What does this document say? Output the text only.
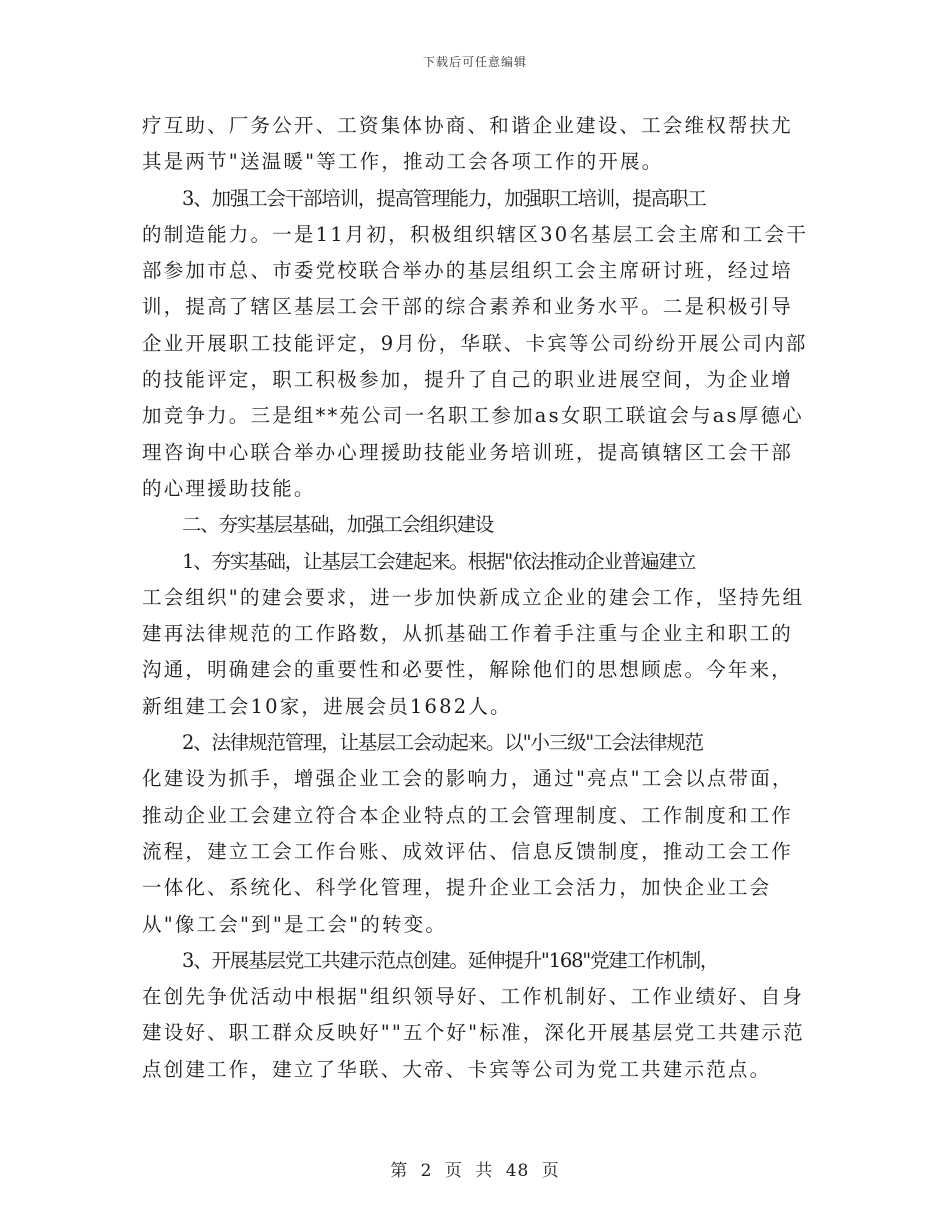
下载后可任意编辑
疗互助、厂务公开、工资集体协商、和谐企业建设、工会维权帮扶尤
其是两节"送温暖"等工作，推动工会各项工作的开展。
3、加强工会干部培训，提高管理能力，加强职工培训，提高职工
的制造能力。一是11月初，积极组织辖区30名基层工会主席和工会干
部参加市总、市委党校联合举办的基层组织工会主席研讨班，经过培
训，提高了辖区基层工会干部的综合素养和业务水平。二是积极引导
企业开展职工技能评定，9月份，华联、卡宾等公司纷纷开展公司内部
的技能评定，职工积极参加，提升了自己的职业进展空间，为企业增
加竞争力。三是组**苑公司一名职工参加as女职工联谊会与as厚德心
理咨询中心联合举办心理援助技能业务培训班，提高镇辖区工会干部
的心理援助技能。
二、夯实基层基础，加强工会组织建设
1、夯实基础，让基层工会建起来。根据"依法推动企业普遍建立
工会组织"的建会要求，进一步加快新成立企业的建会工作，坚持先组
建再法律规范的工作路数，从抓基础工作着手注重与企业主和职工的
沟通，明确建会的重要性和必要性，解除他们的思想顾虑。今年来，
新组建工会10家，进展会员1682人。
2、法律规范管理，让基层工会动起来。以"小三级"工会法律规范
化建设为抓手，增强企业工会的影响力，通过"亮点"工会以点带面，
推动企业工会建立符合本企业特点的工会管理制度、工作制度和工作
流程，建立工会工作台账、成效评估、信息反馈制度，推动工会工作
一体化、系统化、科学化管理，提升企业工会活力，加快企业工会
从"像工会"到"是工会"的转变。
3、开展基层党工共建示范点创建。延伸提升"168"党建工作机制，
在创先争优活动中根据"组织领导好、工作机制好、工作业绩好、自身
建设好、职工群众反映好""五个好"标准，深化开展基层党工共建示范
点创建工作，建立了华联、大帝、卡宾等公司为党工共建示范点。
第 2 页 共 48 页
